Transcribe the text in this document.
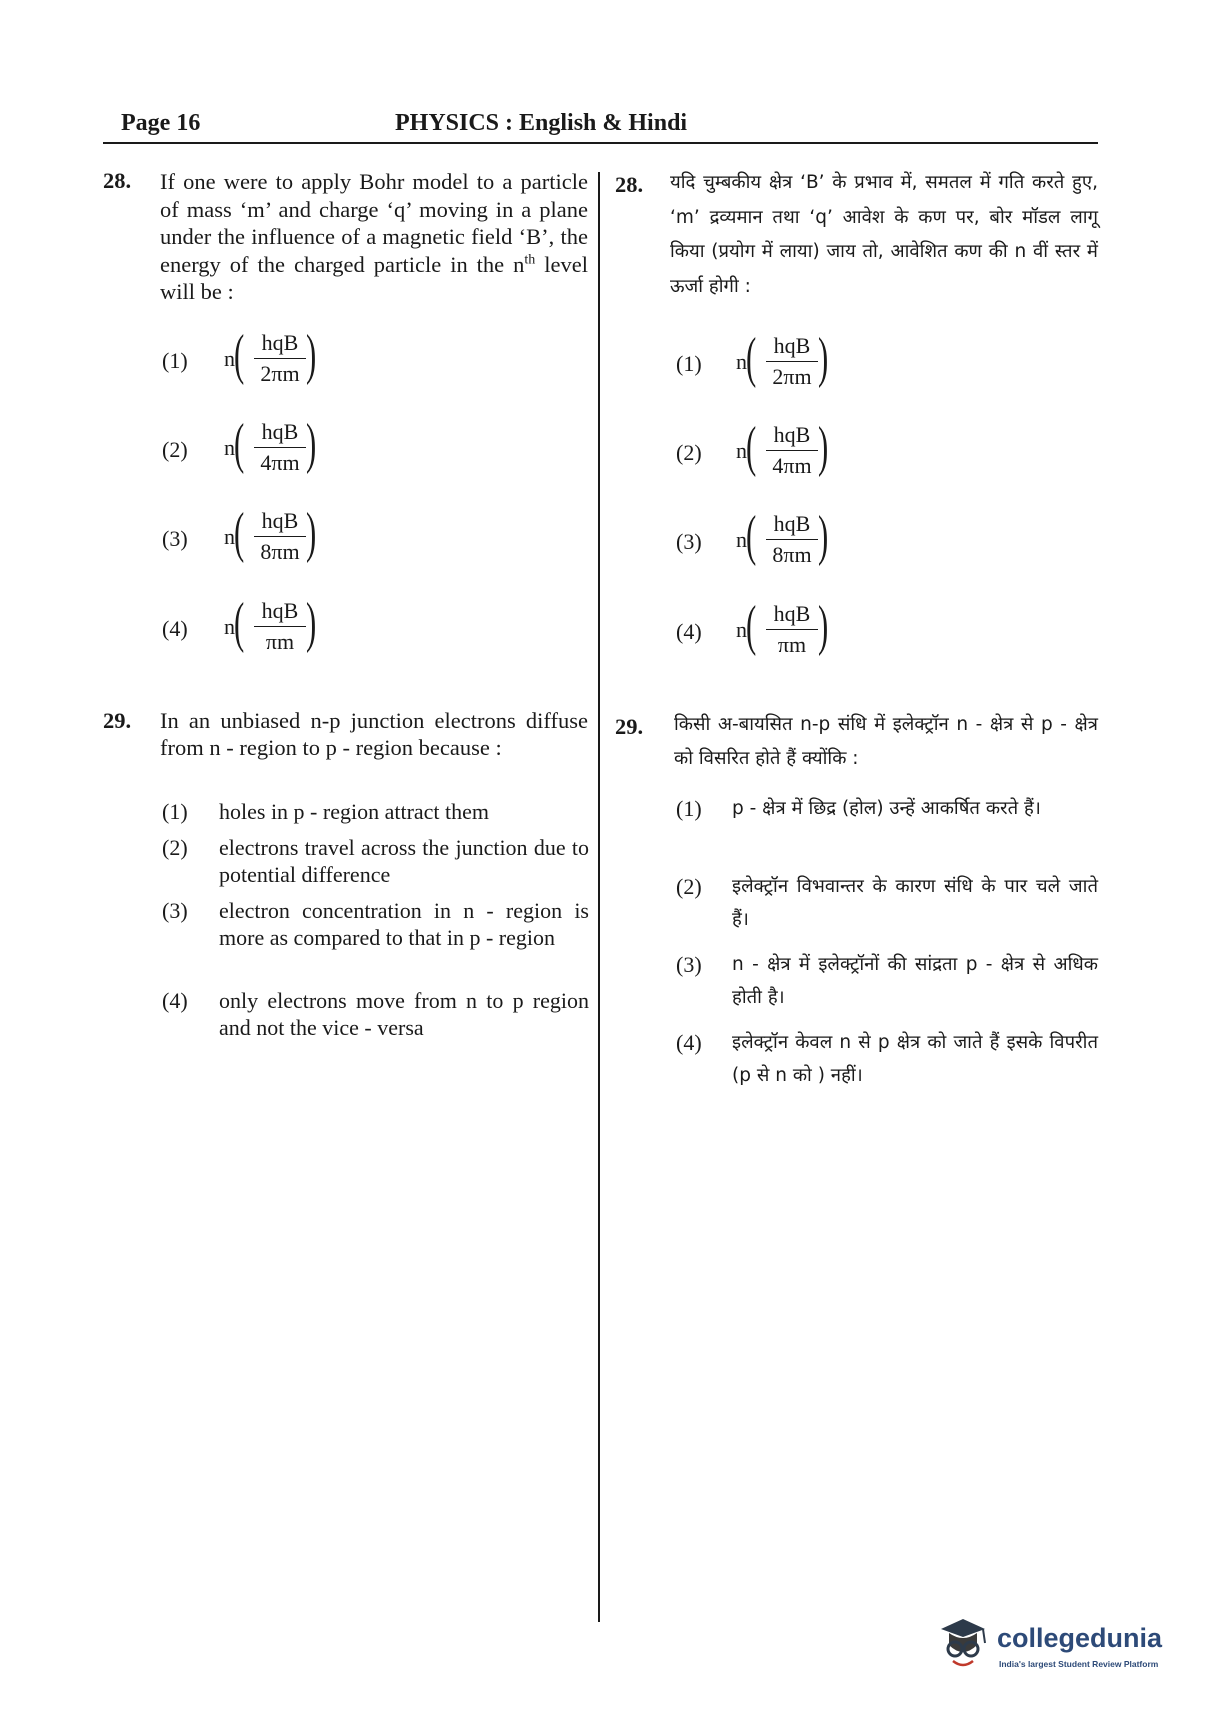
Page 16	PHYSICS : English & Hindi
28. If one were to apply Bohr model to a particle of mass ‘m’ and charge ‘q’ moving in a plane under the influence of a magnetic field ‘B’, the energy of the charged particle in the $n^{th}$ level will be :
(1) n ( hqB
2πm )
(2) n ( hqB
4πm )
(3) n ( hqB
8πm )
(4) n ( hqB
πm )
29. In an unbiased n-p junction electrons diffuse from n - region to p - region because :
(1) holes in p - region attract them
(2) electrons travel across the junction due to potential difference
(3) electron concentration in n - region is more as compared to that in p - region
(4) only electrons move from n to p region and not the vice - versa
28. यदि चुम्बकीय क्षेत्र ‘B’ के प्रभाव में, समतल में गति करते हुए, ‘m’ द्रव्यमान तथा ‘q’ आवेश के कण पर, बोर मॉडल लागू किया (प्रयोग में लाया) जाय तो, आवेशित कण की n वीं स्तर में ऊर्जा होगी :
(1) n ( hqB
2πm )
(2) n ( hqB
4πm )
(3) n ( hqB
8πm )
(4) n ( hqB
πm )
29. किसी अ-बायसित n-p संधि में इलेक्ट्रॉन n - क्षेत्र से p - क्षेत्र को विसरित होते हैं क्योंकि :
(1) p - क्षेत्र में छिद्र (होल) उन्हें आकर्षित करते हैं।
(2) इलेक्ट्रॉन विभवान्तर के कारण संधि के पार चले जाते हैं।
(3) n - क्षेत्र में इलेक्ट्रॉनों की सांद्रता p - क्षेत्र से अधिक होती है।
(4) इलेक्ट्रॉन केवल n से p क्षेत्र को जाते हैं इसके विपरीत (p से n को ) नहीं।
collegedunia
India's largest Student Review Platform
